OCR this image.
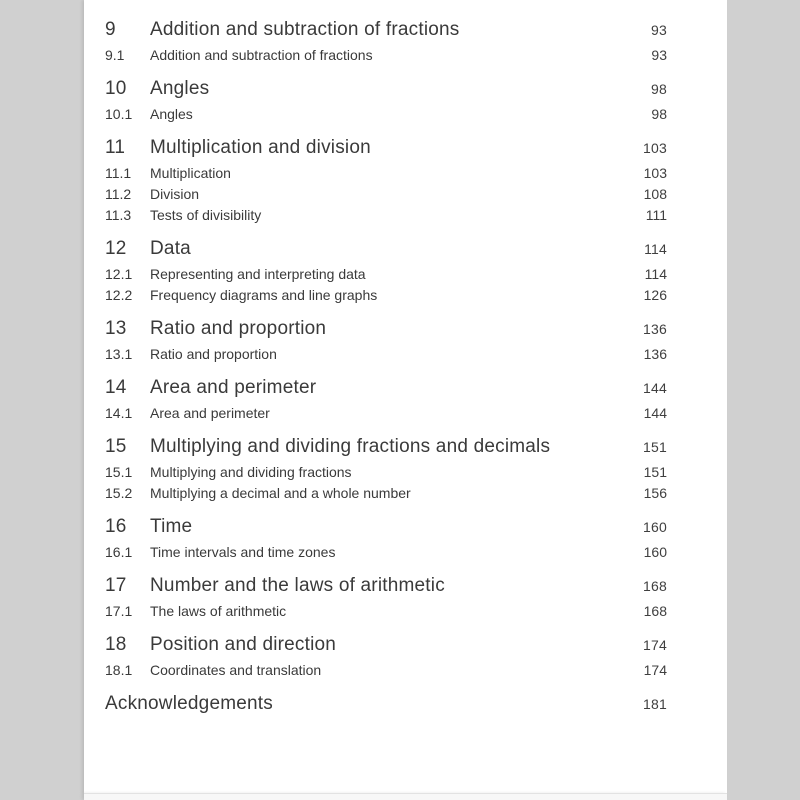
9	Addition and subtraction of fractions	93
9.1	Addition and subtraction of fractions	93
10	Angles	98
10.1	Angles	98
11	Multiplication and division	103
11.1	Multiplication	103
11.2	Division	108
11.3	Tests of divisibility	111
12	Data	114
12.1	Representing and interpreting data	114
12.2	Frequency diagrams and line graphs	126
13	Ratio and proportion	136
13.1	Ratio and proportion	136
14	Area and perimeter	144
14.1	Area and perimeter	144
15	Multiplying and dividing fractions and decimals	151
15.1	Multiplying and dividing fractions	151
15.2	Multiplying a decimal and a whole number	156
16	Time	160
16.1	Time intervals and time zones	160
17	Number and the laws of arithmetic	168
17.1	The laws of arithmetic	168
18	Position and direction	174
18.1	Coordinates and translation	174
Acknowledgements	181
